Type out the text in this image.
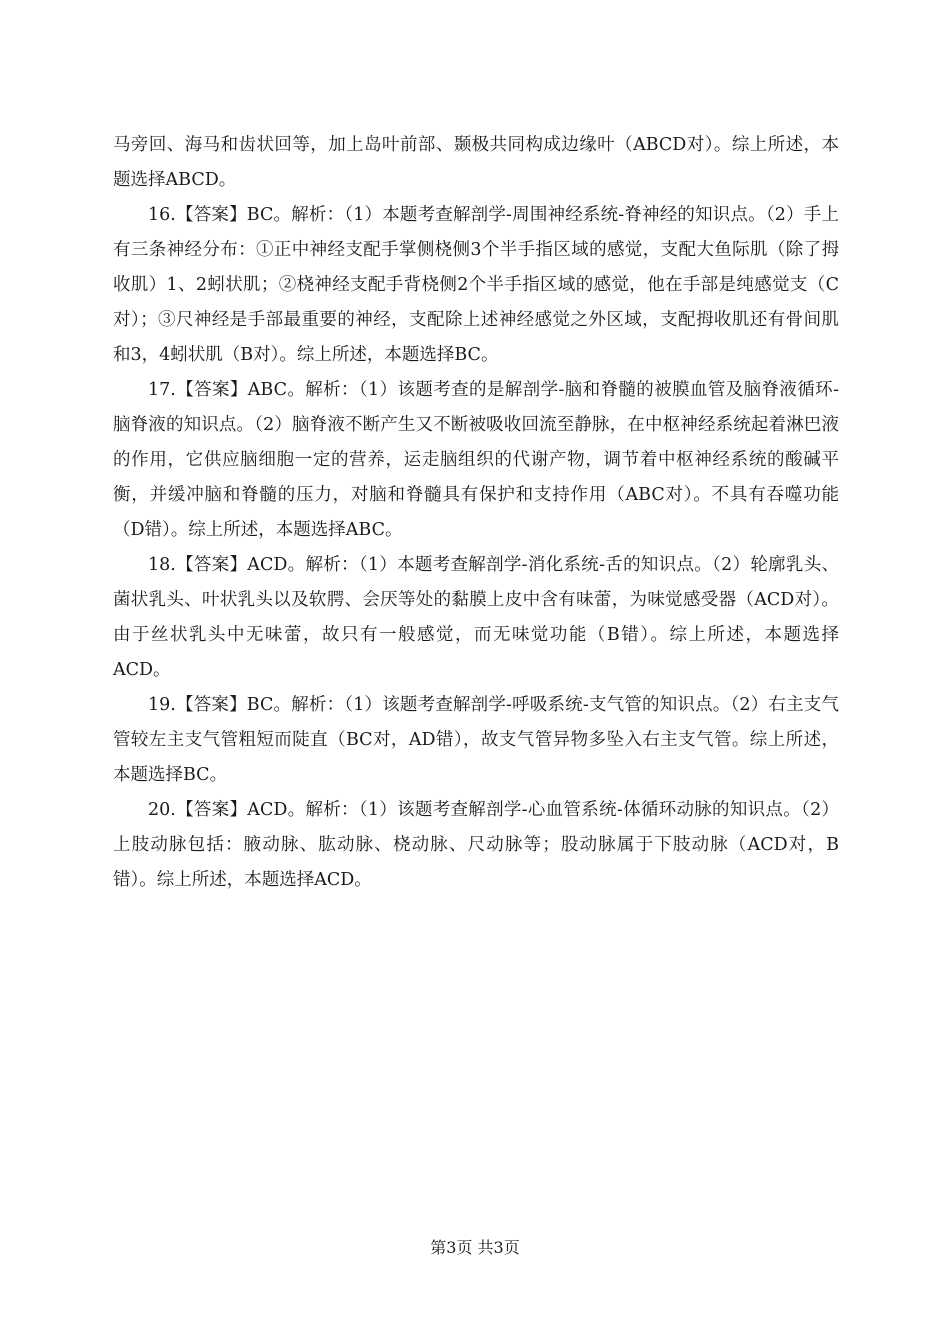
马旁回、海马和齿状回等，加上岛叶前部、颞极共同构成边缘叶（ABCD对）。综上所述，本题选择ABCD。

16.【答案】BC。解析：（1）本题考查解剖学-周围神经系统-脊神经的知识点。（2）手上有三条神经分布：①正中神经支配手掌侧桡侧3个半手指区域的感觉，支配大鱼际肌（除了拇收肌）1、2蚓状肌；②桡神经支配手背桡侧2个半手指区域的感觉，他在手部是纯感觉支（C对）；③尺神经是手部最重要的神经，支配除上述神经感觉之外区域，支配拇收肌还有骨间肌和3，4蚓状肌（B对）。综上所述，本题选择BC。

17.【答案】ABC。解析：（1）该题考查的是解剖学-脑和脊髓的被膜血管及脑脊液循环-脑脊液的知识点。（2）脑脊液不断产生又不断被吸收回流至静脉，在中枢神经系统起着淋巴液的作用，它供应脑细胞一定的营养，运走脑组织的代谢产物，调节着中枢神经系统的酸碱平衡，并缓冲脑和脊髓的压力，对脑和脊髓具有保护和支持作用（ABC对）。不具有吞噬功能（D错）。综上所述，本题选择ABC。

18.【答案】ACD。解析：（1）本题考查解剖学-消化系统-舌的知识点。（2）轮廓乳头、菌状乳头、叶状乳头以及软腭、会厌等处的黏膜上皮中含有味蕾，为味觉感受器（ACD对）。由于丝状乳头中无味蕾，故只有一般感觉，而无味觉功能（B错）。综上所述，本题选择ACD。

19.【答案】BC。解析：（1）该题考查解剖学-呼吸系统-支气管的知识点。（2）右主支气管较左主支气管粗短而陡直（BC对，AD错），故支气管异物多坠入右主支气管。综上所述，本题选择BC。

20.【答案】ACD。解析：（1）该题考查解剖学-心血管系统-体循环动脉的知识点。（2）上肢动脉包括：腋动脉、肱动脉、桡动脉、尺动脉等；股动脉属于下肢动脉（ACD对，B错）。综上所述，本题选择ACD。

第3页 共3页
